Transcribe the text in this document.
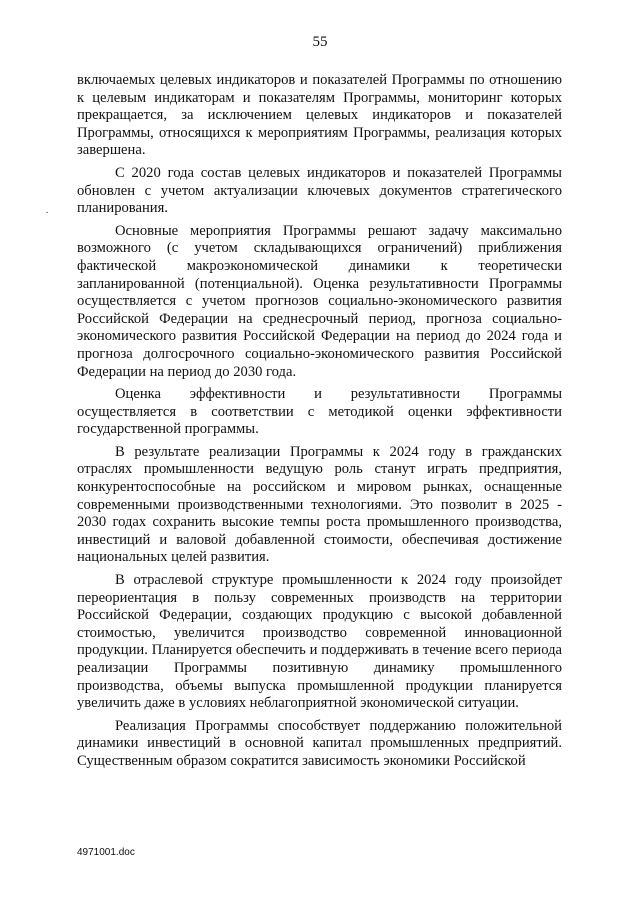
55

включаемых целевых индикаторов и показателей Программы по отношению к целевым индикаторам и показателям Программы, мониторинг которых прекращается, за исключением целевых индикаторов и показателей Программы, относящихся к мероприятиям Программы, реализация которых завершена.

С 2020 года состав целевых индикаторов и показателей Программы обновлен с учетом актуализации ключевых документов стратегического планирования.

Основные мероприятия Программы решают задачу максимально возможного (с учетом складывающихся ограничений) приближения фактической макроэкономической динамики к теоретически запланированной (потенциальной). Оценка результативности Программы осуществляется с учетом прогнозов социально-экономического развития Российской Федерации на среднесрочный период, прогноза социально-экономического развития Российской Федерации на период до 2024 года и прогноза долгосрочного социально-экономического развития Российской Федерации на период до 2030 года.

Оценка эффективности и результативности Программы осуществляется в соответствии с методикой оценки эффективности государственной программы.

В результате реализации Программы к 2024 году в гражданских отраслях промышленности ведущую роль станут играть предприятия, конкурентоспособные на российском и мировом рынках, оснащенные современными производственными технологиями. Это позволит в 2025 - 2030 годах сохранить высокие темпы роста промышленного производства, инвестиций и валовой добавленной стоимости, обеспечивая достижение национальных целей развития.

В отраслевой структуре промышленности к 2024 году произойдет переориентация в пользу современных производств на территории Российской Федерации, создающих продукцию с высокой добавленной стоимостью, увеличится производство современной инновационной продукции. Планируется обеспечить и поддерживать в течение всего периода реализации Программы позитивную динамику промышленного производства, объемы выпуска промышленной продукции планируется увеличить даже в условиях неблагоприятной экономической ситуации.

Реализация Программы способствует поддержанию положительной динамики инвестиций в основной капитал промышленных предприятий. Существенным образом сократится зависимость экономики Российской

4971001.doc
